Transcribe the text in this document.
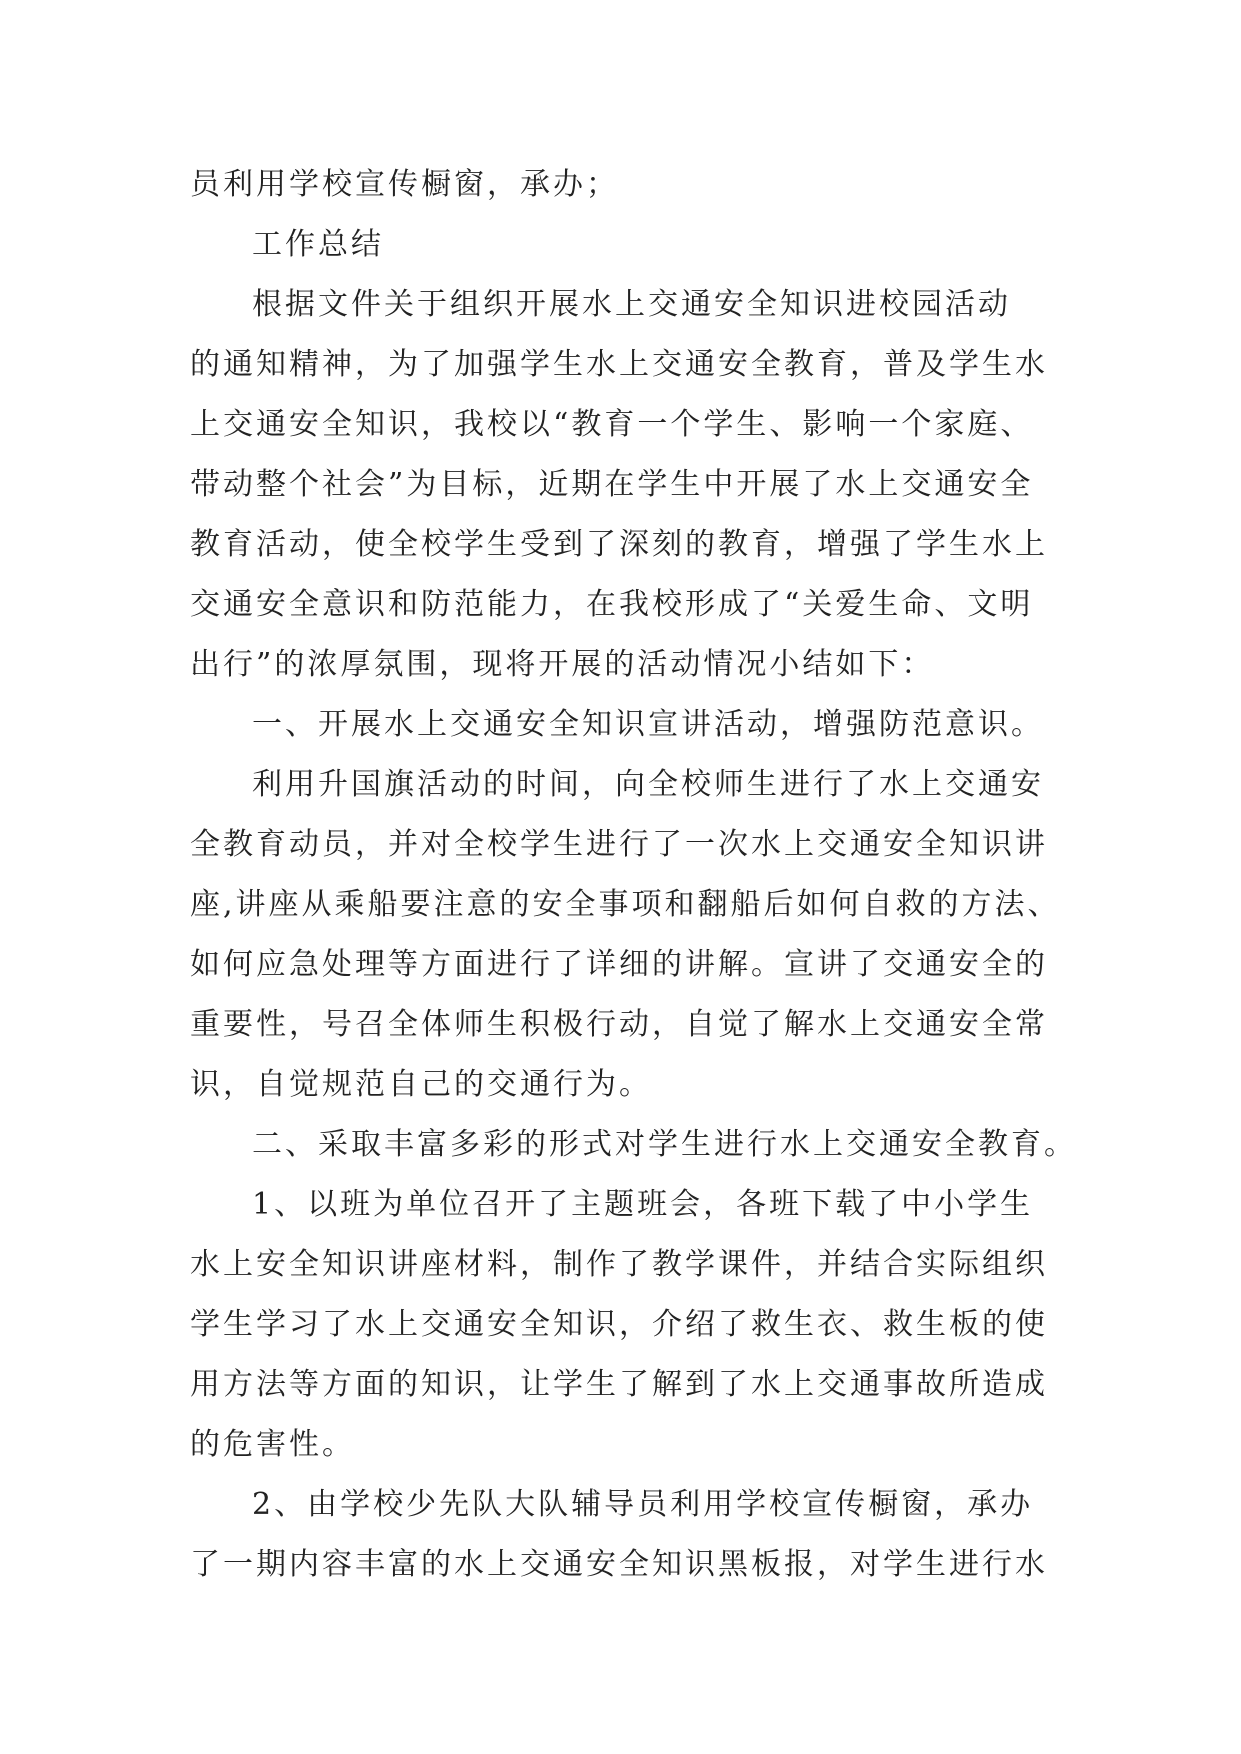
员利用学校宣传橱窗，承办；
工作总结
根据文件关于组织开展水上交通安全知识进校园活动
的通知精神，为了加强学生水上交通安全教育，普及学生水
上交通安全知识，我校以“教育一个学生、影响一个家庭、
带动整个社会”为目标，近期在学生中开展了水上交通安全
教育活动，使全校学生受到了深刻的教育，增强了学生水上
交通安全意识和防范能力，在我校形成了“关爱生命、文明
出行”的浓厚氛围，现将开展的活动情况小结如下：
一、开展水上交通安全知识宣讲活动，增强防范意识。
利用升国旗活动的时间，向全校师生进行了水上交通安
全教育动员，并对全校学生进行了一次水上交通安全知识讲
座,讲座从乘船要注意的安全事项和翻船后如何自救的方法、
如何应急处理等方面进行了详细的讲解。宣讲了交通安全的
重要性，号召全体师生积极行动，自觉了解水上交通安全常
识，自觉规范自己的交通行为。
二、采取丰富多彩的形式对学生进行水上交通安全教育。
1、以班为单位召开了主题班会，各班下载了中小学生
水上安全知识讲座材料，制作了教学课件，并结合实际组织
学生学习了水上交通安全知识，介绍了救生衣、救生板的使
用方法等方面的知识，让学生了解到了水上交通事故所造成
的危害性。
2、由学校少先队大队辅导员利用学校宣传橱窗，承办
了一期内容丰富的水上交通安全知识黑板报，对学生进行水
